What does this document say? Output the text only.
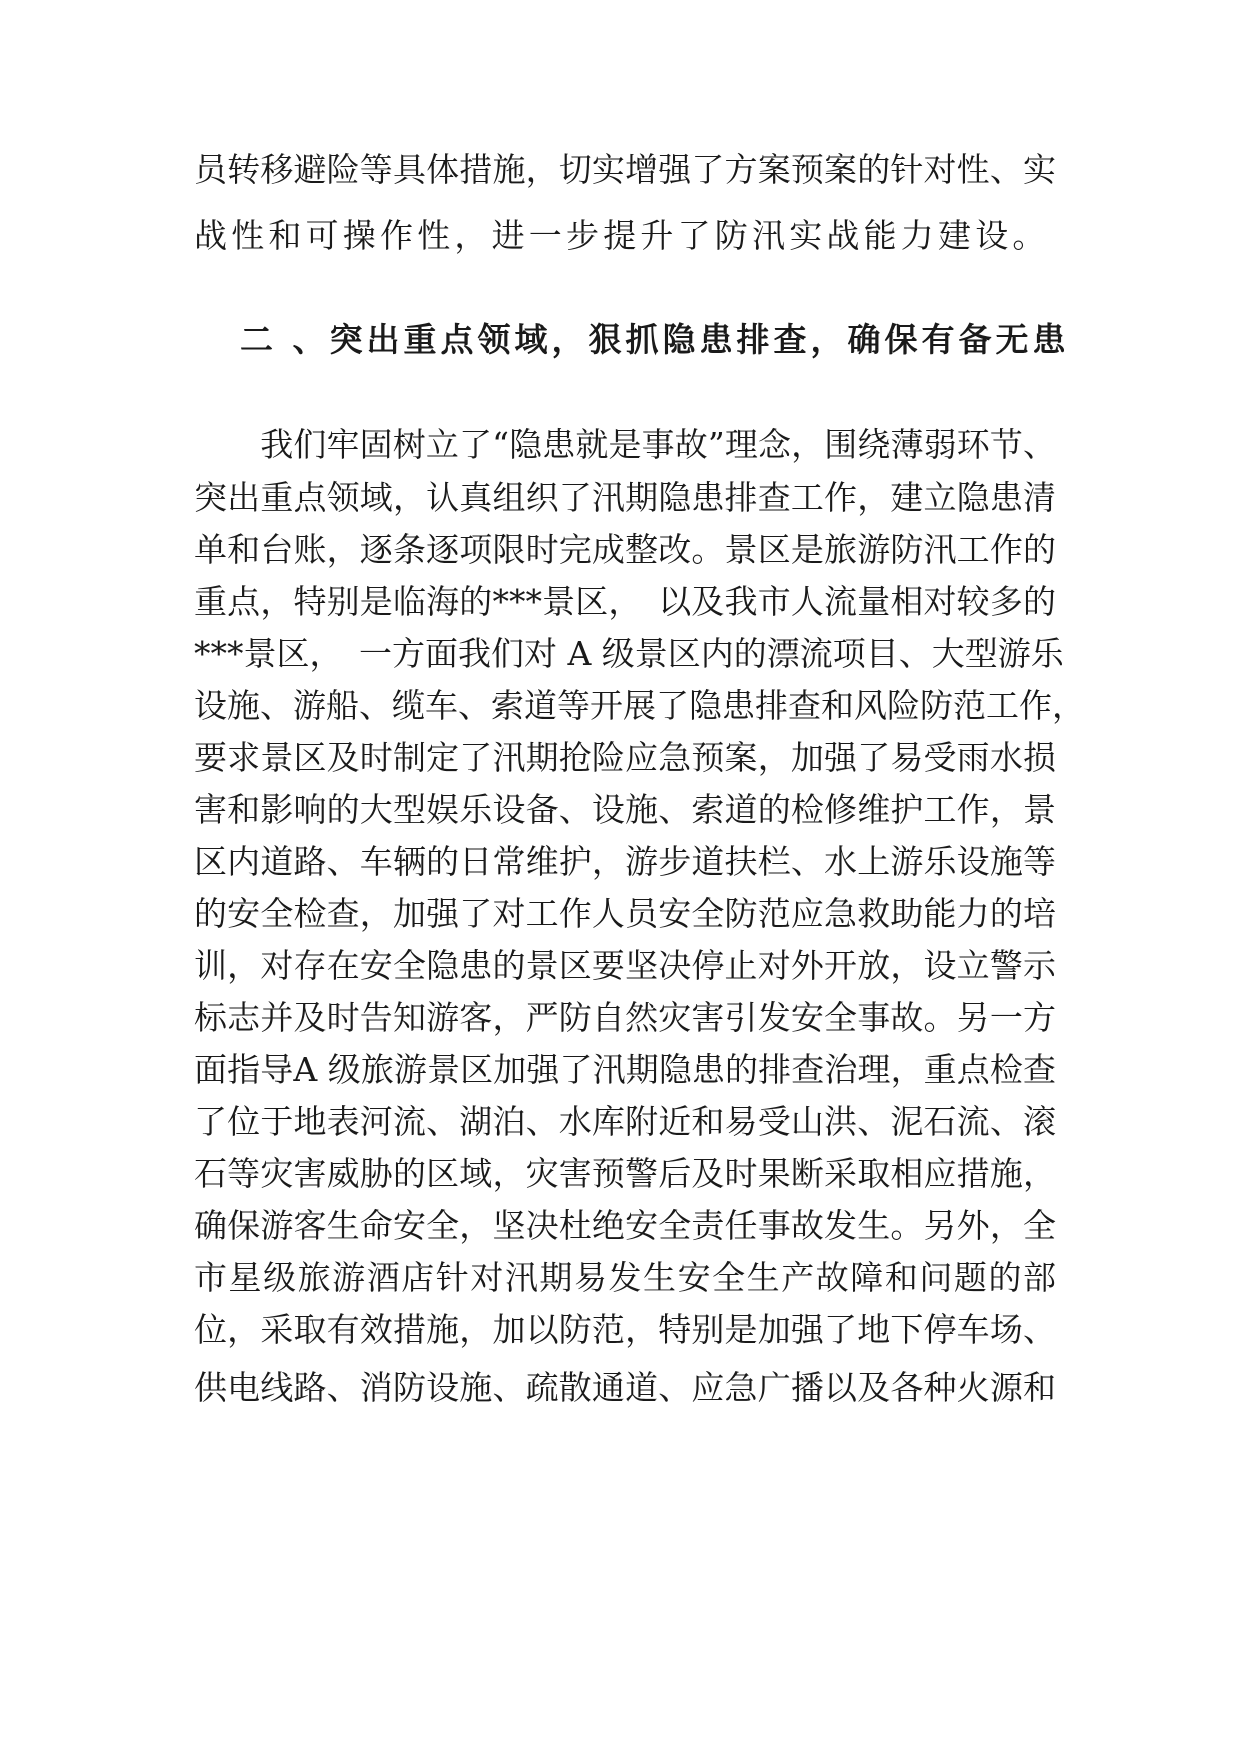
员转移避险等具体措施，切实增强了方案预案的针对性、实
战性和可操作性，进一步提升了防汛实战能力建设。
二 、突出重点领域，狠抓隐患排查，确保有备无患
　　我们牢固树立了“隐患就是事故”理念，围绕薄弱环节、
突出重点领域，认真组织了汛期隐患排查工作，建立隐患清
单和台账，逐条逐项限时完成整改。景区是旅游防汛工作的
重点，特别是临海的***景区，　以及我市人流量相对较多的
***景区，　一方面我们对 A 级景区内的漂流项目、大型游乐
设施、游船、缆车、索道等开展了隐患排查和风险防范工作，
要求景区及时制定了汛期抢险应急预案，加强了易受雨水损
害和影响的大型娱乐设备、设施、索道的检修维护工作，景
区内道路、车辆的日常维护，游步道扶栏、水上游乐设施等
的安全检查，加强了对工作人员安全防范应急救助能力的培
训，对存在安全隐患的景区要坚决停止对外开放，设立警示
标志并及时告知游客，严防自然灾害引发安全事故。另一方
面指导A 级旅游景区加强了汛期隐患的排查治理，重点检查
了位于地表河流、湖泊、水库附近和易受山洪、泥石流、滚
石等灾害威胁的区域，灾害预警后及时果断采取相应措施，
确保游客生命安全，坚决杜绝安全责任事故发生。另外，全
市星级旅游酒店针对汛期易发生安全生产故障和问题的部
位，采取有效措施，加以防范，特别是加强了地下停车场、
供电线路、消防设施、疏散通道、应急广播以及各种火源和
